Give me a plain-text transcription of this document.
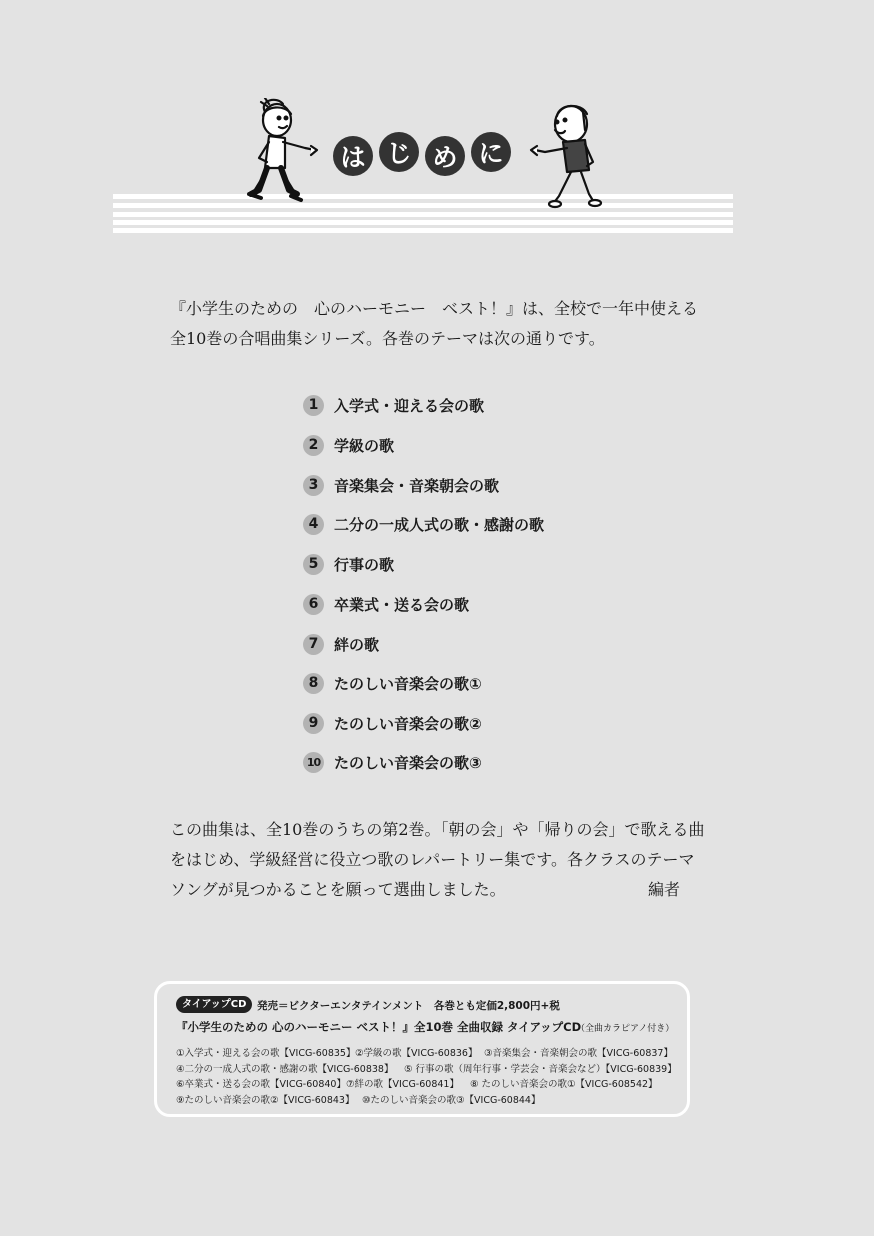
は じ め に

『小学生のための　心のハーモニー　ベスト！』は、全校で一年中使える

全10巻の合唱曲集シリーズ。各巻のテーマは次の通りです。

1	入学式・迎える会の歌
2	学級の歌
3	音楽集会・音楽朝会の歌
4	二分の一成人式の歌・感謝の歌
5	行事の歌
6	卒業式・送る会の歌
7	絆の歌
8	たのしい音楽会の歌①
9	たのしい音楽会の歌②
10 たのしい音楽会の歌③

この曲集は、全10巻のうちの第2巻。「朝の会」や「帰りの会」で歌える曲

をはじめ、学級経営に役立つ歌のレパートリー集です。各クラスのテーマ

ソングが見つかることを願って選曲しました。	編者

タイアップCD	発売＝ビクターエンタテインメント　各巻とも定価2,800円+税
『小学生のための 心のハーモニー ベスト！』全10巻 全曲収録 タイアップCD
（全曲カラピアノ付き）
①入学式・迎える会の歌【VICG-60835】 ②学級の歌【VICG-60836】 ③音楽集会・音楽朝会の歌【VICG-60837】
④二分の一成人式の歌・感謝の歌【VICG-60838】 ⑤ 行事の歌（周年行事・学芸会・音楽会など）【VICG-60839】
⑥卒業式・送る会の歌【VICG-60840】 ⑦絆の歌【VICG-60841】 ⑧ たのしい音楽会の歌①【VICG-608542】
⑨たのしい音楽会の歌②【VICG-60843】 ⑩たのしい音楽会の歌③【VICG-60844】
